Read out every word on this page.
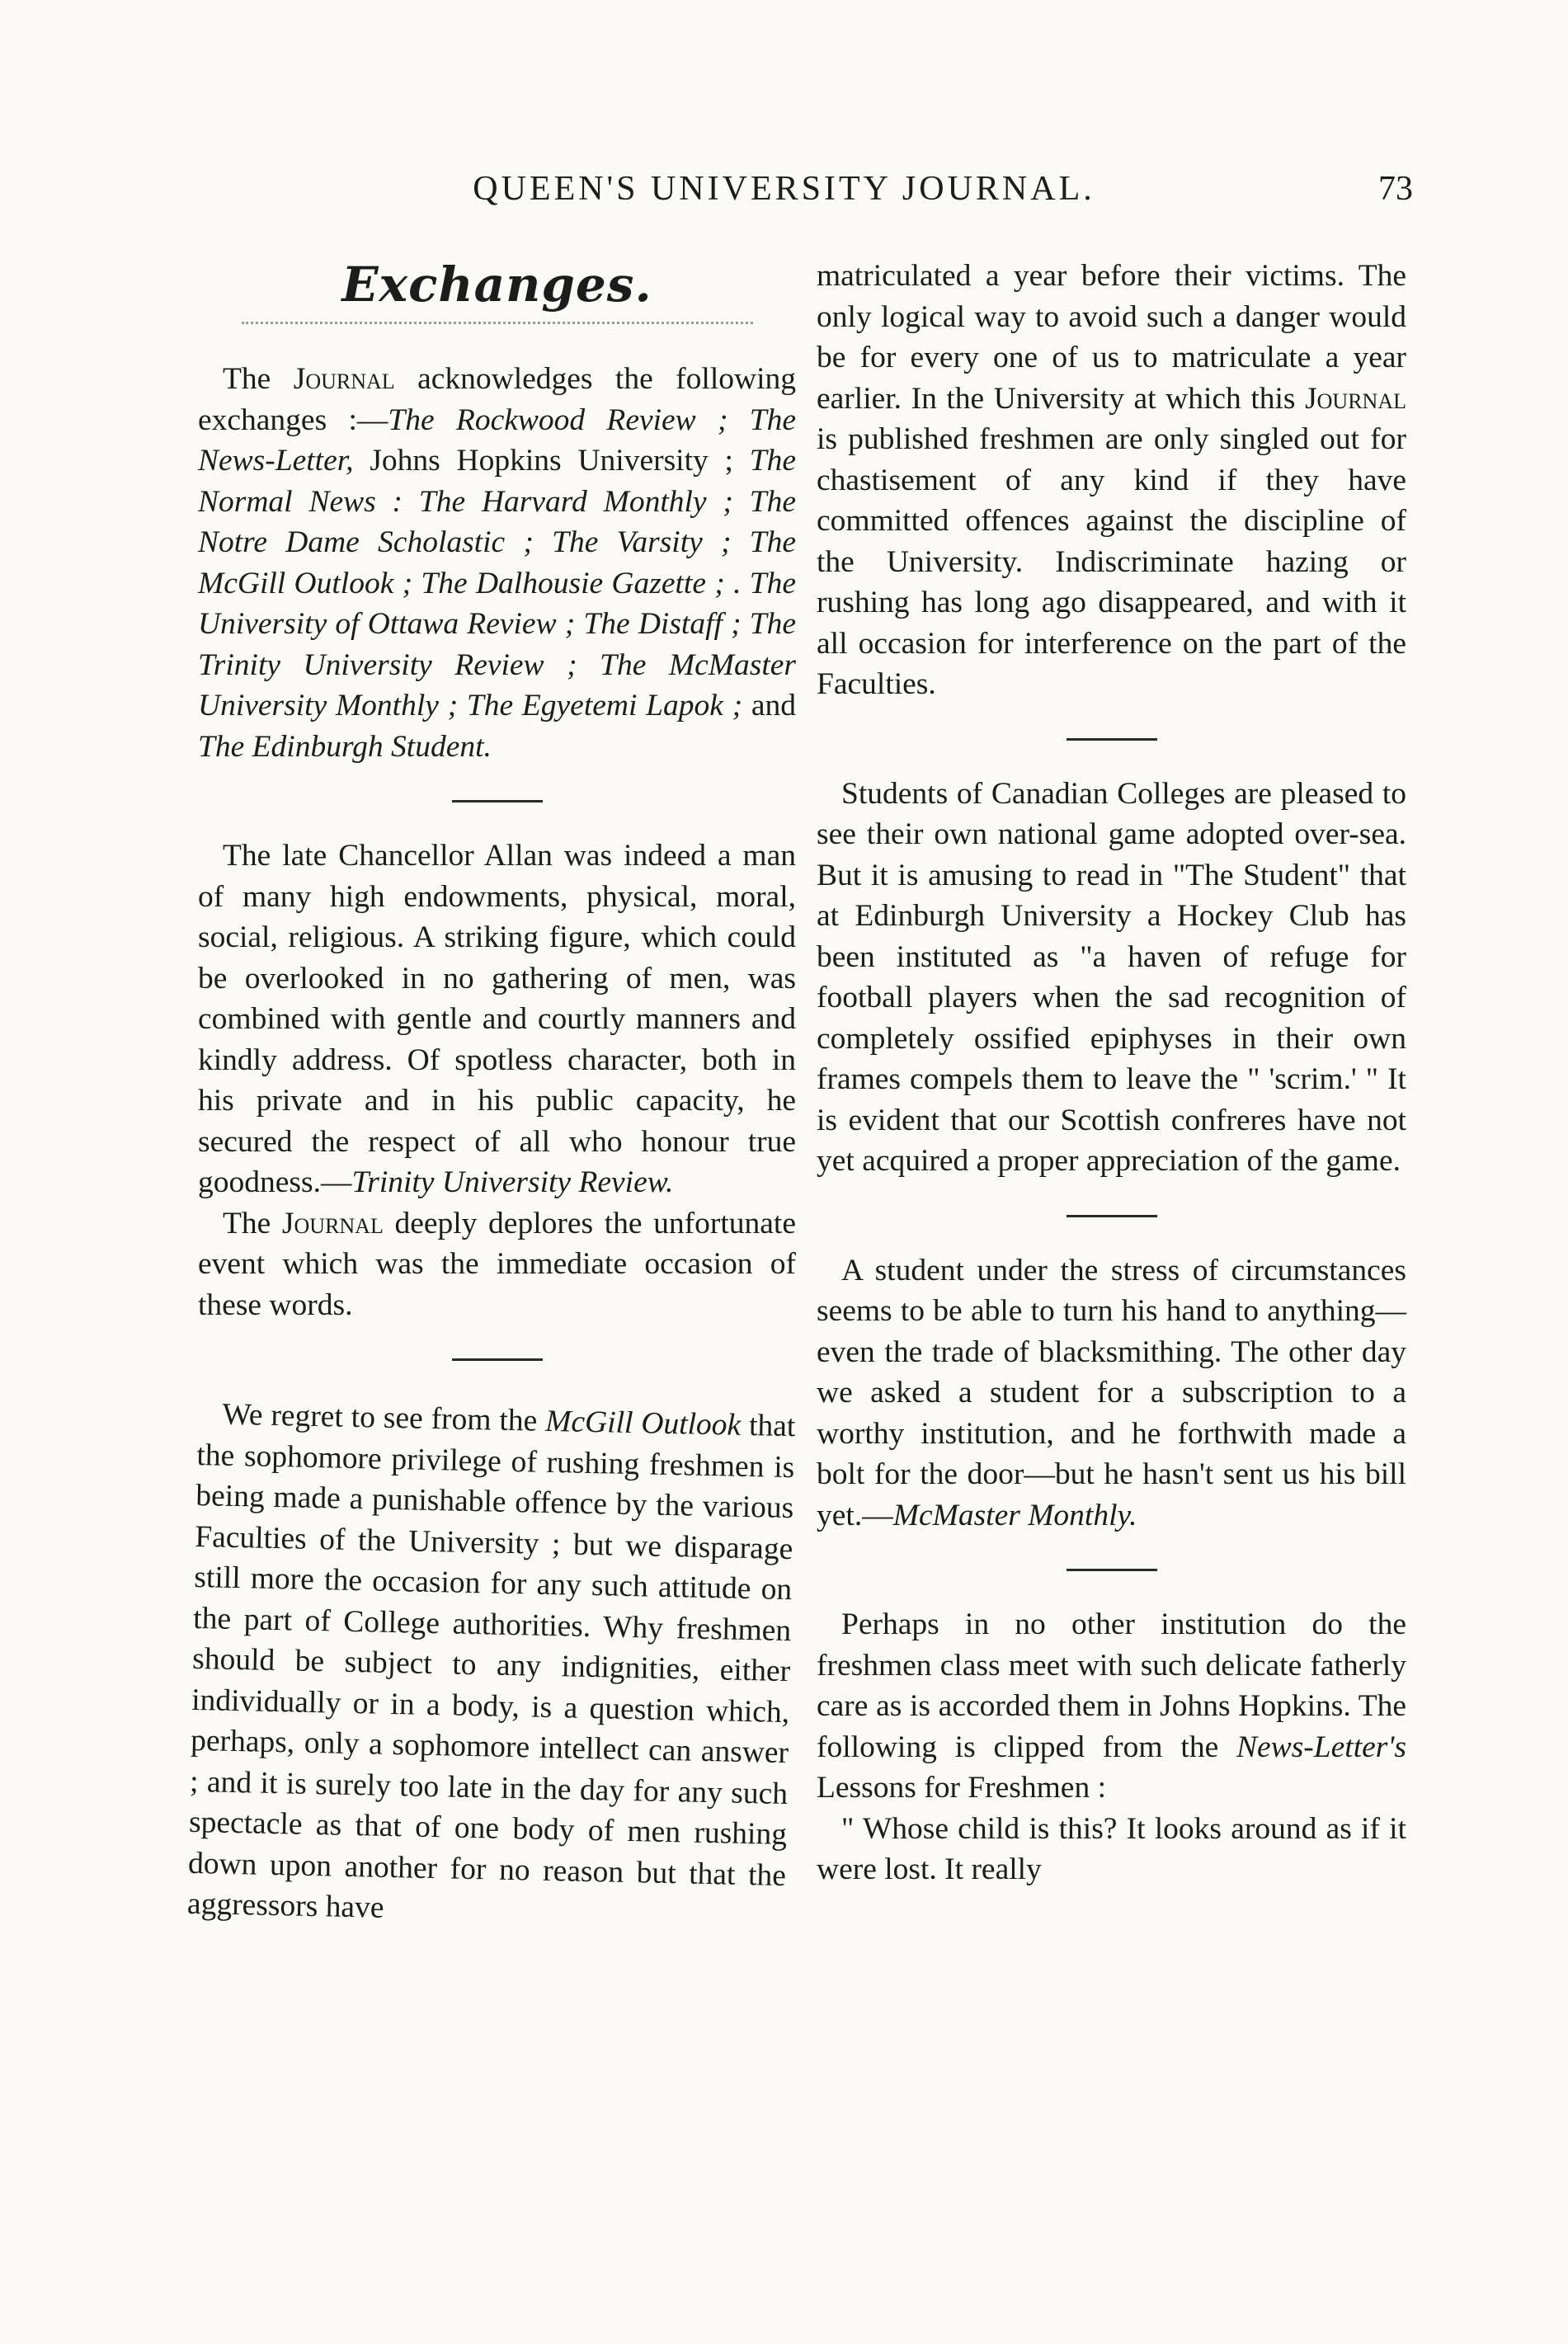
QUEEN'S UNIVERSITY JOURNAL.	73
Exchanges.

The Journal acknowledges the following exchanges :—The Rockwood Review ; The News-Letter, Johns Hopkins University ; The Normal News : The Harvard Monthly ; The Notre Dame Scholastic ; The Varsity ; The McGill Outlook ; The Dalhousie Gazette ; . The University of Ottawa Review ; The Distaff ; The Trinity University Review ; The McMaster University Monthly ; The Egyetemi Lapok ; and The Edinburgh Student.

The late Chancellor Allan was indeed a man of many high endowments, physical, moral, social, religious. A striking figure, which could be overlooked in no gathering of men, was combined with gentle and courtly manners and kindly address. Of spotless character, both in his private and in his public capacity, he secured the respect of all who honour true goodness.—Trinity University Review.

The Journal deeply deplores the unfortunate event which was the immediate occasion of these words.

We regret to see from the McGill Outlook that the sophomore privilege of rushing freshmen is being made a punishable offence by the various Faculties of the University ; but we disparage still more the occasion for any such attitude on the part of College authorities. Why freshmen should be subject to any indignities, either individually or in a body, is a question which, perhaps, only a sophomore intellect can answer ; and it is surely too late in the day for any such spectacle as that of one body of men rushing down upon another for no reason but that the aggressors have

matriculated a year before their victims. The only logical way to avoid such a danger would be for every one of us to matriculate a year earlier. In the University at which this Journal is published freshmen are only singled out for chastisement of any kind if they have committed offences against the discipline of the University. Indiscriminate hazing or rushing has long ago disappeared, and with it all occasion for interference on the part of the Faculties.

Students of Canadian Colleges are pleased to see their own national game adopted over-sea. But it is amusing to read in "The Student" that at Edinburgh University a Hockey Club has been instituted as "a haven of refuge for football players when the sad recognition of completely ossified epiphyses in their own frames compels them to leave the " 'scrim.' " It is evident that our Scottish confreres have not yet acquired a proper appreciation of the game.

A student under the stress of circumstances seems to be able to turn his hand to anything—even the trade of blacksmithing. The other day we asked a student for a subscription to a worthy institution, and he forthwith made a bolt for the door—but he hasn't sent us his bill yet.—McMaster Monthly.

Perhaps in no other institution do the freshmen class meet with such delicate fatherly care as is accorded them in Johns Hopkins. The following is clipped from the News-Letter's Lessons for Freshmen :

" Whose child is this? It looks around as if it were lost. It really
